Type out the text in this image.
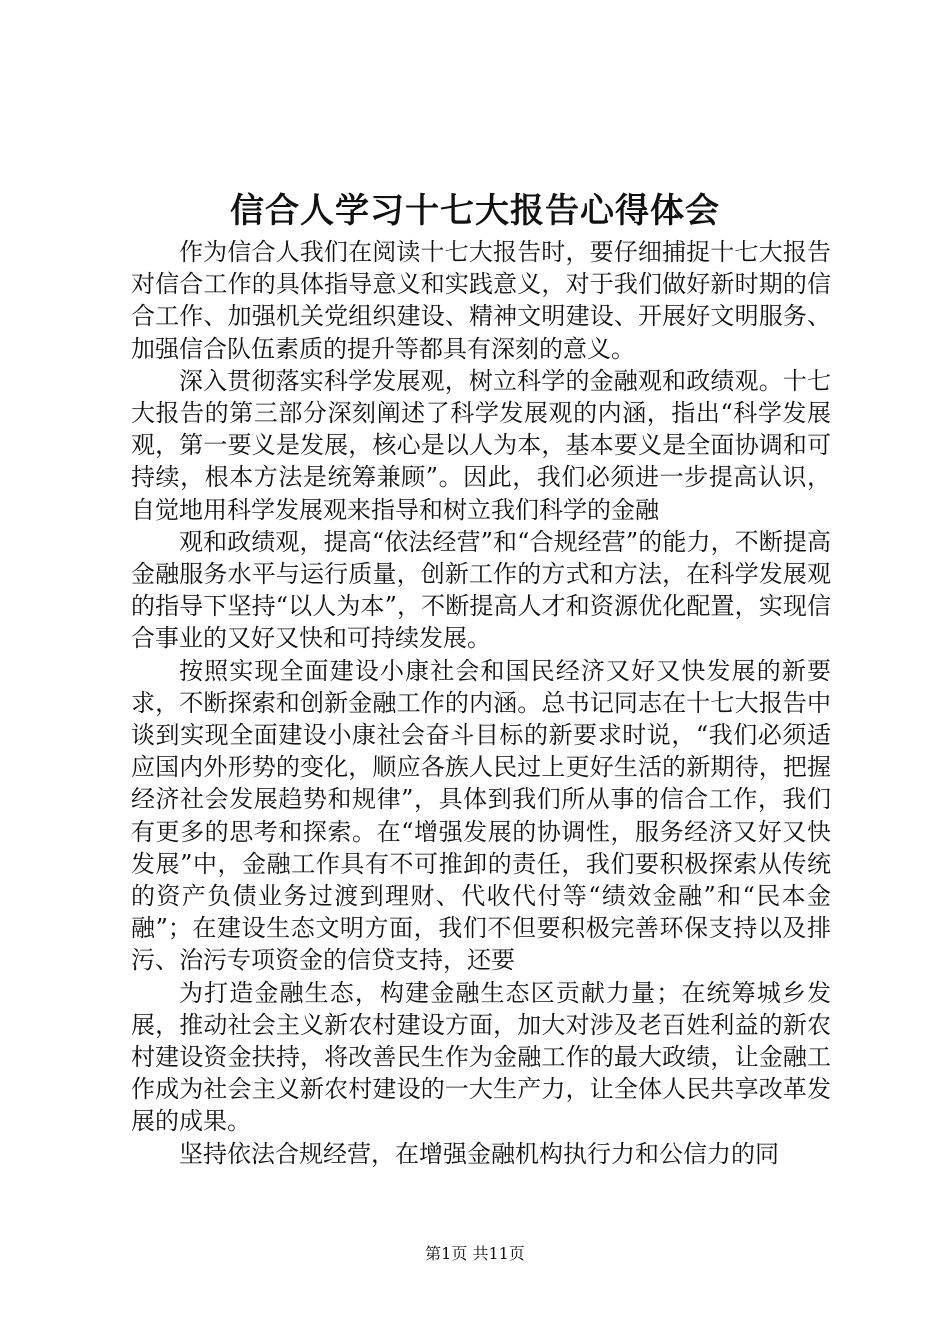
信合人学习十七大报告心得体会

作为信合人我们在阅读十七大报告时，要仔细捕捉十七大报告对信合工作的具体指导意义和实践意义，对于我们做好新时期的信合工作、加强机关党组织建设、精神文明建设、开展好文明服务、加强信合队伍素质的提升等都具有深刻的意义。

深入贯彻落实科学发展观，树立科学的金融观和政绩观。十七大报告的第三部分深刻阐述了科学发展观的内涵，指出“科学发展观，第一要义是发展，核心是以人为本，基本要义是全面协调和可持续，根本方法是统筹兼顾”。因此，我们必须进一步提高认识，自觉地用科学发展观来指导和树立我们科学的金融

观和政绩观，提高“依法经营”和“合规经营”的能力，不断提高金融服务水平与运行质量，创新工作的方式和方法，在科学发展观的指导下坚持“以人为本”，不断提高人才和资源优化配置，实现信合事业的又好又快和可持续发展。

按照实现全面建设小康社会和国民经济又好又快发展的新要求，不断探索和创新金融工作的内涵。总书记同志在十七大报告中谈到实现全面建设小康社会奋斗目标的新要求时说，“我们必须适应国内外形势的变化，顺应各族人民过上更好生活的新期待，把握经济社会发展趋势和规律”，具体到我们所从事的信合工作，我们有更多的思考和探索。在“增强发展的协调性，服务经济又好又快发展”中，金融工作具有不可推卸的责任，我们要积极探索从传统的资产负债业务过渡到理财、代收代付等“绩效金融”和“民本金融”；在建设生态文明方面，我们不但要积极完善环保支持以及排污、治污专项资金的信贷支持，还要

为打造金融生态，构建金融生态区贡献力量；在统筹城乡发展，推动社会主义新农村建设方面，加大对涉及老百姓利益的新农村建设资金扶持，将改善民生作为金融工作的最大政绩，让金融工作成为社会主义新农村建设的一大生产力，让全体人民共享改革发展的成果。

坚持依法合规经营，在增强金融机构执行力和公信力的同

第1页 共11页
